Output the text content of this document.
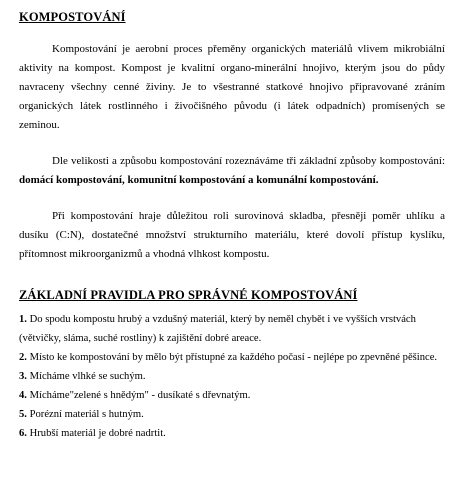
KOMPOSTOVÁNÍ
Kompostování je aerobní proces přeměny organických materiálů vlivem mikrobiální aktivity na kompost. Kompost je kvalitní organo-minerální hnojivo, kterým jsou do půdy navraceny všechny cenné živiny. Je to všestranné statkové hnojivo připravované zráním organických látek rostlinného i živočišného původu (i látek odpadních) promísených se zeminou.
Dle velikosti a způsobu kompostování rozeznáváme tři základní způsoby kompostování: domácí kompostování, komunitní kompostování a komunální kompostování.
Při kompostování hraje důležitou roli surovinová skladba, přesněji poměr uhlíku a dusíku (C:N), dostatečné množství strukturního materiálu, které dovolí přístup kyslíku, přítomnost mikroorganizmů a vhodná vlhkost kompostu.
ZÁKLADNÍ PRAVIDLA PRO SPRÁVNÉ KOMPOSTOVÁNÍ

1. Do spodu kompostu hrubý a vzdušný materiál, který by neměl chybět i ve vyšších vrstvách (větvičky, sláma, suché rostliny) k zajištění dobré areace.

2. Místo ke kompostování by mělo být přístupné za každého počasí - nejlépe po zpevněné pěšince.

3. Mícháme vlhké se suchým.

4. Mícháme"zelené s hnědým" - dusíkaté s dřevnatým.

5. Porézní materiál s hutným.

6. Hrubší materiál je dobré nadrtit.
